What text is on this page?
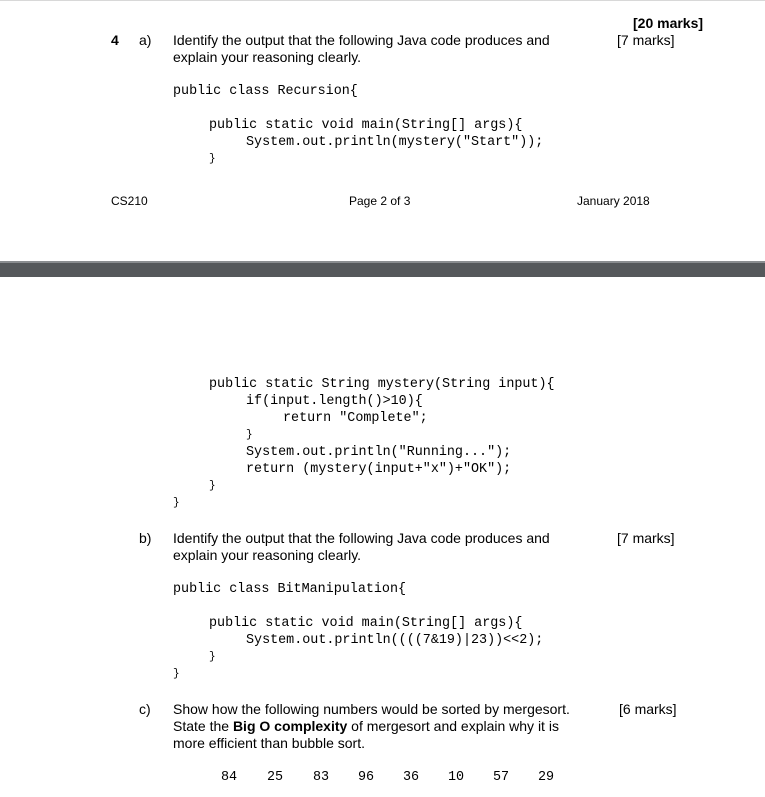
[20 marks]
4 a) Identify the output that the following Java code produces and
explain your reasoning clearly.
[7 marks]
public class Recursion{
public static void main(String[] args){
System.out.println(mystery("Start"));
}
CS210	Page 2 of 3	January 2018
public static String mystery(String input){
if(input.length()>10){
return "Complete";
}
System.out.println("Running...");
return (mystery(input+"x")+"OK");
}
}
b) Identify the output that the following Java code produces and
explain your reasoning clearly.
[7 marks]
public class BitManipulation{
public static void main(String[] args){
System.out.println((((7&19)|23))<<2);
}
}
c) Show how the following numbers would be sorted by mergesort.
State the Big O complexity of mergesort and explain why it is
more efficient than bubble sort.
[6 marks]
84 25 83 96 36 10 57 29
